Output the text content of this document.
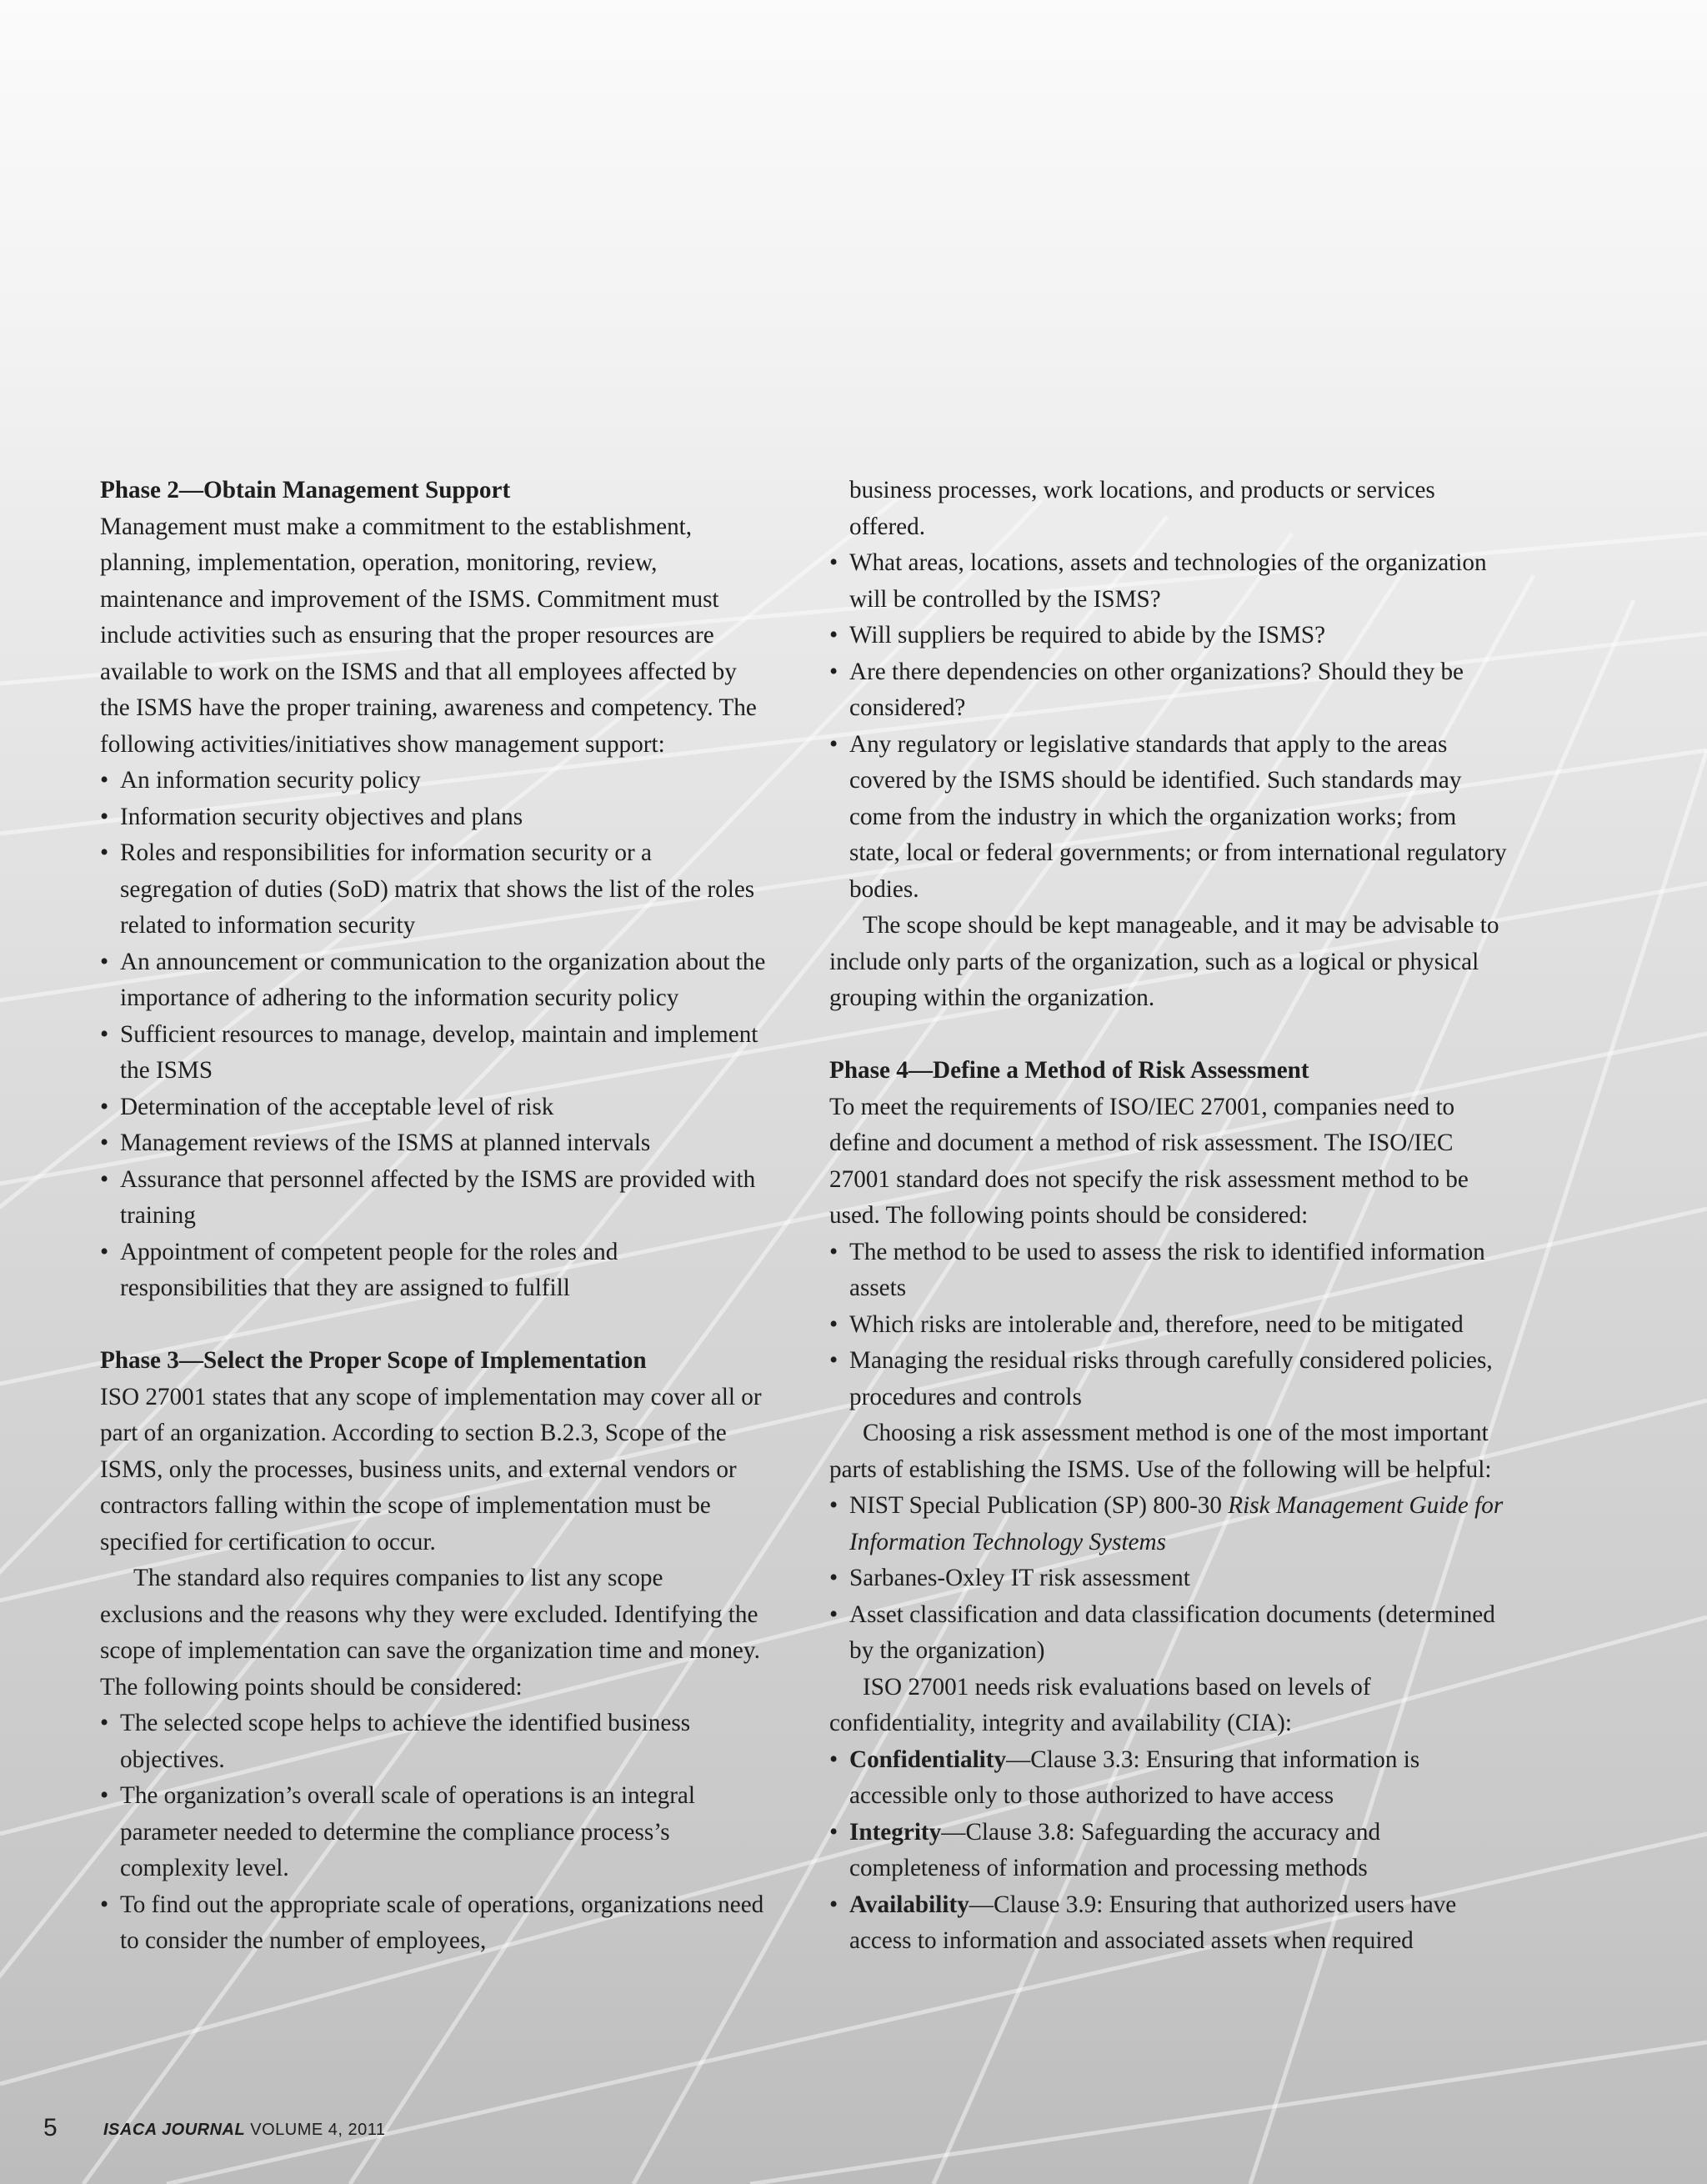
Phase 2—Obtain Management Support

Management must make a commitment to the establishment, planning, implementation, operation, monitoring, review, maintenance and improvement of the ISMS. Commitment must include activities such as ensuring that the proper resources are available to work on the ISMS and that all employees affected by the ISMS have the proper training, awareness and competency. The following activities/initiatives show management support:

• An information security policy

• Information security objectives and plans

• Roles and responsibilities for information security or a segregation of duties (SoD) matrix that shows the list of the roles related to information security

• An announcement or communication to the organization about the importance of adhering to the information security policy

• Sufficient resources to manage, develop, maintain and implement the ISMS

• Determination of the acceptable level of risk

• Management reviews of the ISMS at planned intervals

• Assurance that personnel affected by the ISMS are provided with training

• Appointment of competent people for the roles and responsibilities that they are assigned to fulfill

Phase 3—Select the Proper Scope of Implementation

ISO 27001 states that any scope of implementation may cover all or part of an organization. According to section B.2.3, Scope of the ISMS, only the processes, business units, and external vendors or contractors falling within the scope of implementation must be specified for certification to occur.

The standard also requires companies to list any scope exclusions and the reasons why they were excluded. Identifying the scope of implementation can save the organization time and money. The following points should be considered:

• The selected scope helps to achieve the identified business objectives.

• The organization’s overall scale of operations is an integral parameter needed to determine the compliance process’s complexity level.

• To find out the appropriate scale of operations, organizations need to consider the number of employees,

business processes, work locations, and products or services offered.

• What areas, locations, assets and technologies of the organization will be controlled by the ISMS?

• Will suppliers be required to abide by the ISMS?

• Are there dependencies on other organizations? Should they be considered?

• Any regulatory or legislative standards that apply to the areas covered by the ISMS should be identified. Such standards may come from the industry in which the organization works; from state, local or federal governments; or from international regulatory bodies.

The scope should be kept manageable, and it may be advisable to include only parts of the organization, such as a logical or physical grouping within the organization.

Phase 4—Define a Method of Risk Assessment

To meet the requirements of ISO/IEC 27001, companies need to define and document a method of risk assessment. The ISO/IEC 27001 standard does not specify the risk assessment method to be used. The following points should be considered:

• The method to be used to assess the risk to identified information assets

• Which risks are intolerable and, therefore, need to be mitigated

• Managing the residual risks through carefully considered policies, procedures and controls

Choosing a risk assessment method is one of the most important parts of establishing the ISMS. Use of the following will be helpful:

• NIST Special Publication (SP) 800-30 Risk Management Guide for Information Technology Systems

• Sarbanes-Oxley IT risk assessment

• Asset classification and data classification documents (determined by the organization)

ISO 27001 needs risk evaluations based on levels of confidentiality, integrity and availability (CIA):

• Confidentiality—Clause 3.3: Ensuring that information is accessible only to those authorized to have access

• Integrity—Clause 3.8: Safeguarding the accuracy and completeness of information and processing methods

• Availability—Clause 3.9: Ensuring that authorized users have access to information and associated assets when required

5	ISACA JOURNAL VOLUME 4, 2011
